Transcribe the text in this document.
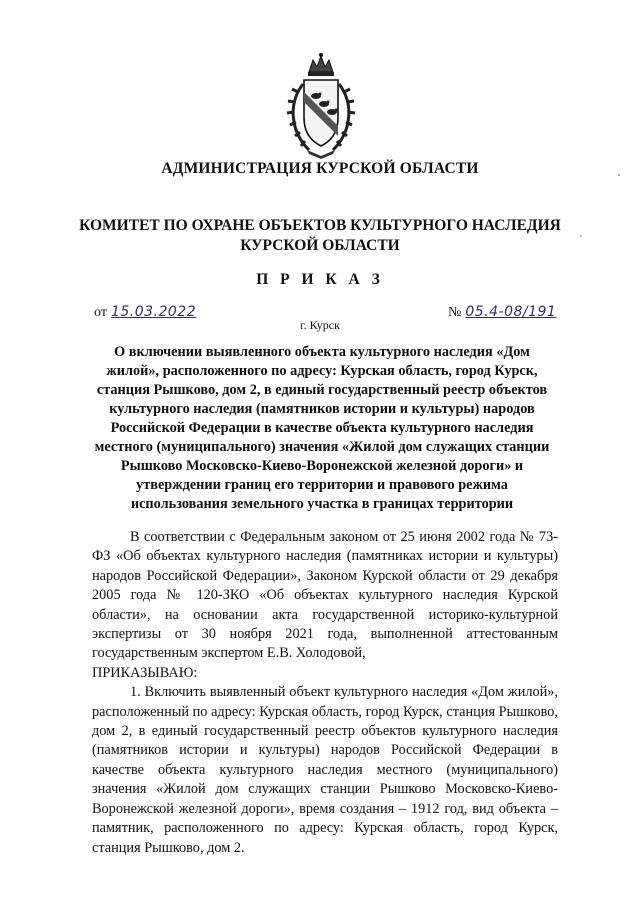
АДМИНИСТРАЦИЯ КУРСКОЙ ОБЛАСТИ
КОМИТЕТ ПО ОХРАНЕ ОБЪЕКТОВ КУЛЬТУРНОГО НАСЛЕДИЯ
КУРСКОЙ ОБЛАСТИ
П Р И К А З
от 15.03.2022	№ 05.4-08/191
г. Курск
О включении выявленного объекта культурного наследия «Дом жилой», расположенного по адресу: Курская область, город Курск, станция Рышково, дом 2, в единый государственный реестр объектов культурного наследия (памятников истории и культуры) народов Российской Федерации в качестве объекта культурного наследия местного (муниципального) значения «Жилой дом служащих станции Рышково Московско-Киево-Воронежской железной дороги» и утверждении границ его территории и правового режима использования земельного участка в границах территории

В соответствии с Федеральным законом от 25 июня 2002 года № 73-ФЗ «Об объектах культурного наследия (памятниках истории и культуры) народов Российской Федерации», Законом Курской области от 29 декабря 2005 года № 120-ЗКО «Об объектах культурного наследия Курской области», на основании акта государственной историко-культурной экспертизы от 30 ноября 2021 года, выполненной аттестованным государственным экспертом Е.В. Холодовой,

ПРИКАЗЫВАЮ:

1. Включить выявленный объект культурного наследия «Дом жилой», расположенный по адресу: Курская область, город Курск, станция Рышково, дом 2, в единый государственный реестр объектов культурного наследия (памятников истории и культуры) народов Российской Федерации в качестве объекта культурного наследия местного (муниципального) значения «Жилой дом служащих станции Рышково Московско-Киево-Воронежской железной дороги», время создания – 1912 год, вид объекта – памятник, расположенного по адресу: Курская область, город Курск, станция Рышково, дом 2.
